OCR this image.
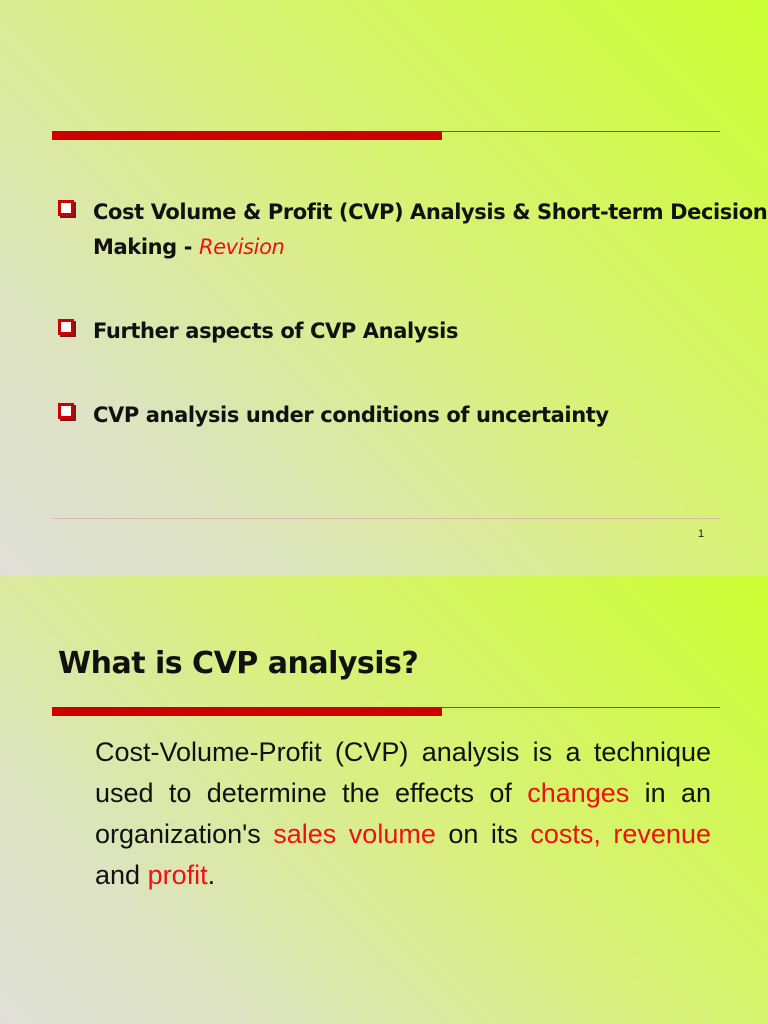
Cost Volume & Profit (CVP) Analysis & Short-term Decision Making - Revision
Further aspects of CVP Analysis
CVP analysis under conditions of uncertainty
1
What is CVP analysis?
Cost-Volume-Profit (CVP) analysis is a technique used to determine the effects of changes in an organization's sales volume on its costs, revenue and profit.
